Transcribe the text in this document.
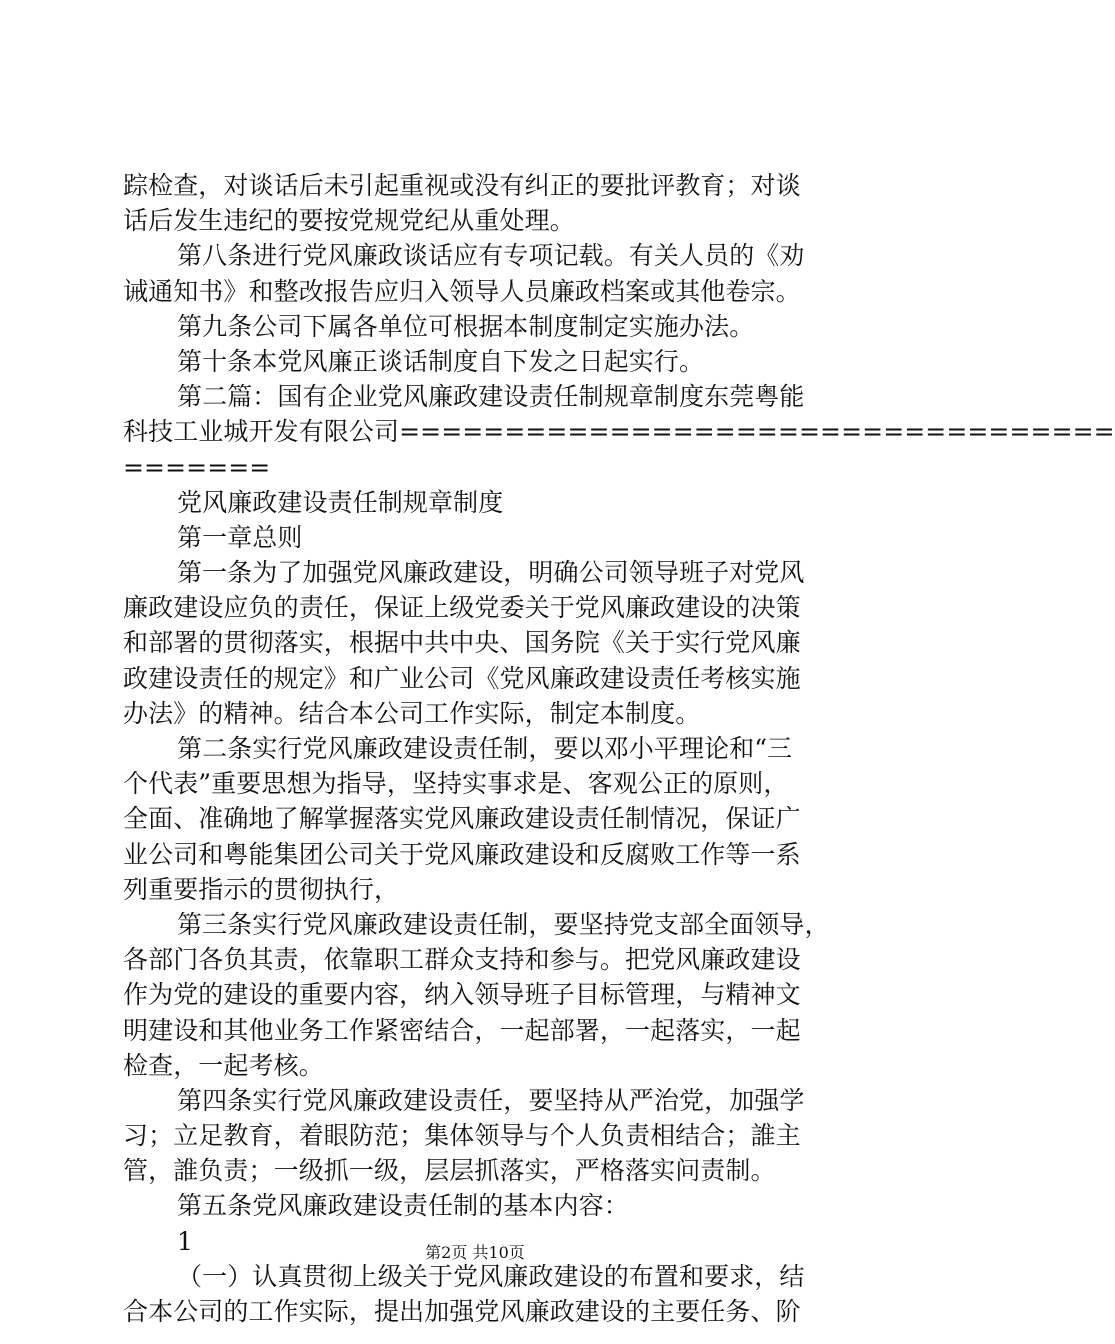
踪检查，对谈话后未引起重视或没有纠正的要批评教育；对谈
话后发生违纪的要按党规党纪从重处理。
第八条进行党风廉政谈话应有专项记载。有关人员的《劝
诫通知书》和整改报告应归入领导人员廉政档案或其他卷宗。
第九条公司下属各单位可根据本制度制定实施办法。
第十条本党风廉正谈话制度自下发之日起实行。
第二篇：国有企业党风廉政建设责任制规章制度东莞粤能
科技工业城开发有限公司==================================
=======
党风廉政建设责任制规章制度
第一章总则
第一条为了加强党风廉政建设，明确公司领导班子对党风
廉政建设应负的责任，保证上级党委关于党风廉政建设的决策
和部署的贯彻落实，根据中共中央、国务院《关于实行党风廉
政建设责任的规定》和广业公司《党风廉政建设责任考核实施
办法》的精神。结合本公司工作实际，制定本制度。
第二条实行党风廉政建设责任制，要以邓小平理论和“三
个代表”重要思想为指导，坚持实事求是、客观公正的原则，
全面、准确地了解掌握落实党风廉政建设责任制情况，保证广
业公司和粤能集团公司关于党风廉政建设和反腐败工作等一系
列重要指示的贯彻执行，
第三条实行党风廉政建设责任制，要坚持党支部全面领导，
各部门各负其责，依靠职工群众支持和参与。把党风廉政建设
作为党的建设的重要内容，纳入领导班子目标管理，与精神文
明建设和其他业务工作紧密结合，一起部署，一起落实，一起
检查，一起考核。
第四条实行党风廉政建设责任，要坚持从严治党，加强学
习；立足教育，着眼防范；集体领导与个人负责相结合；誰主
管，誰负责；一级抓一级，层层抓落实，严格落实问责制。
第五条党风廉政建设责任制的基本内容：
1
（一）认真贯彻上级关于党风廉政建设的布置和要求，结
合本公司的工作实际，提出加强党风廉政建设的主要任务、阶
第2页 共10页
